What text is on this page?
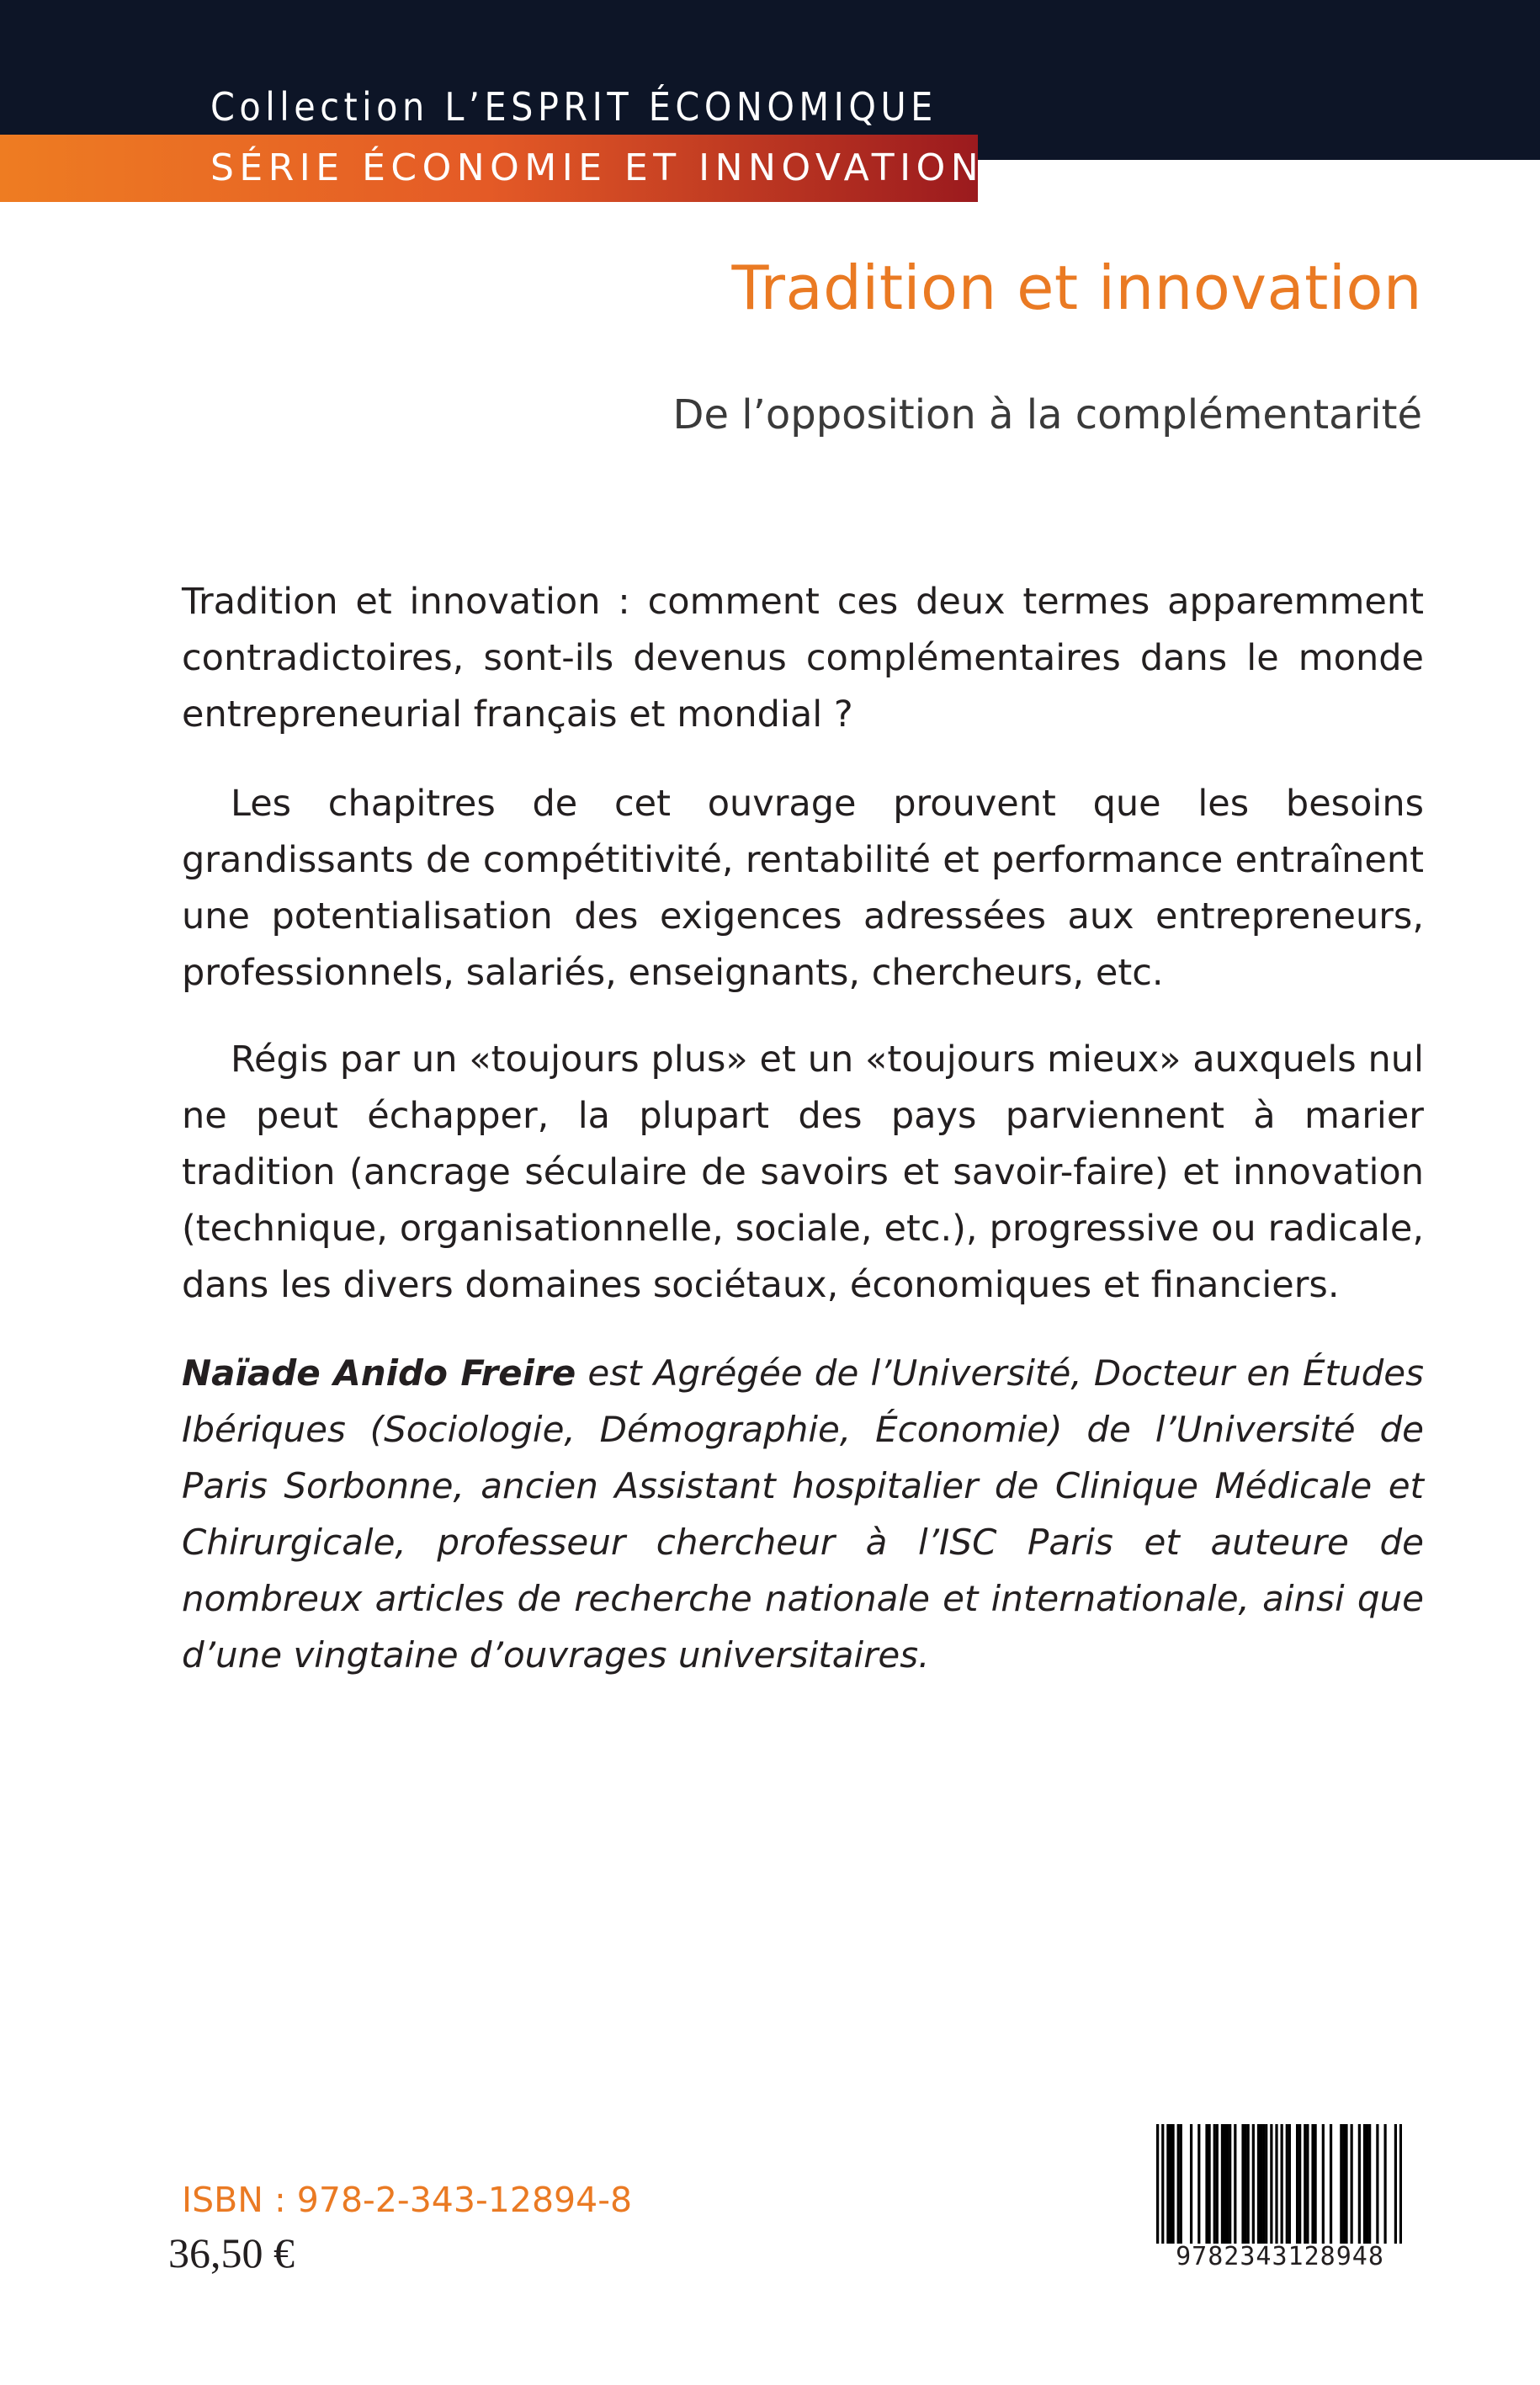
Collection L’ESPRIT ÉCONOMIQUE
SÉRIE ÉCONOMIE ET INNOVATION
Tradition et innovation
De l’opposition à la complémentarité

Tradition et innovation : comment ces deux termes apparemment contradictoires, sont-ils devenus complémentaires dans le monde entrepreneurial français et mondial ?

Les chapitres de cet ouvrage prouvent que les besoins grandissants de compétitivité, rentabilité et performance entraînent une potentialisation des exigences adressées aux entrepreneurs, professionnels, salariés, enseignants, chercheurs, etc.

Régis par un «toujours plus» et un «toujours mieux» auxquels nul ne peut échapper, la plupart des pays parviennent à marier tradition (ancrage séculaire de savoirs et savoir-faire) et innovation (technique, organisationnelle, sociale, etc.), progressive ou radicale, dans les divers domaines sociétaux, économiques et financiers.

Naïade Anido Freire est Agrégée de l’Université, Docteur en Études Ibériques (Sociologie, Démographie, Économie) de l’Université de Paris Sorbonne, ancien Assistant hospitalier de Clinique Médicale et Chirurgicale, professeur chercheur à l’ISC Paris et auteure de nombreux articles de recherche nationale et internationale, ainsi que d’une vingtaine d’ouvrages universitaires.

ISBN : 978-2-343-12894-8
36,50 €	9782343128948
